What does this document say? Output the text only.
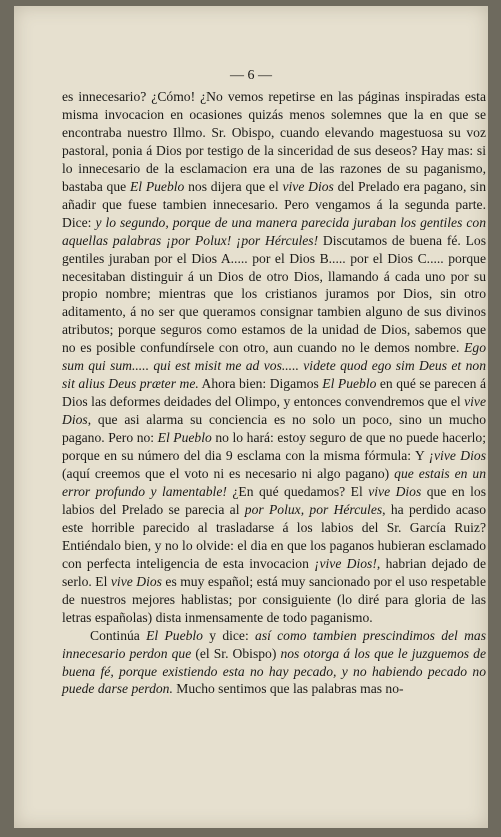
— 6 —

es innecesario? ¿Cómo! ¿No vemos repetirse en las páginas inspiradas esta misma invocacion en ocasiones quizás menos solemnes que la en que se encontraba nuestro Illmo. Sr. Obispo, cuando elevando magestuosa su voz pastoral, ponia á Dios por testigo de la sinceridad de sus deseos? Hay mas: si lo innecesario de la esclamacion era una de las razones de su paganismo, bastaba que El Pueblo nos dijera que el vive Dios del Prelado era pagano, sin añadir que fuese tambien innecesario. Pero vengamos á la segunda parte. Dice: y lo segundo, porque de una manera parecida juraban los gentiles con aquellas palabras ¡por Polux! ¡por Hércules! Discutamos de buena fé. Los gentiles juraban por el Dios A..... por el Dios B..... por el Dios C..... porque necesitaban distinguir á un Dios de otro Dios, llamando á cada uno por su propio nombre; mientras que los cristianos juramos por Dios, sin otro aditamento, á no ser que queramos consignar tambien alguno de sus divinos atributos; porque seguros como estamos de la unidad de Dios, sabemos que no es posible confundírsele con otro, aun cuando no le demos nombre. Ego sum qui sum..... qui est misit me ad vos..... videte quod ego sim Deus et non sit alius Deus præter me. Ahora bien: Digamos El Pueblo en qué se parecen á Dios las deformes deidades del Olimpo, y entonces convendremos que el vive Dios, que asi alarma su conciencia es no solo un poco, sino un mucho pagano. Pero no: El Pueblo no lo hará: estoy seguro de que no puede hacerlo; porque en su número del dia 9 esclama con la misma fórmula: Y ¡vive Dios (aquí creemos que el voto ni es necesario ni algo pagano) que estais en un error profundo y lamentable! ¿En qué quedamos? El vive Dios que en los labios del Prelado se parecia al por Polux, por Hércules, ha perdido acaso este horrible parecido al trasladarse á los labios del Sr. García Ruiz? Entiéndalo bien, y no lo olvide: el dia en que los paganos hubieran esclamado con perfecta inteligencia de esta invocacion ¡vive Dios!, habrian dejado de serlo. El vive Dios es muy español; está muy sancionado por el uso respetable de nuestros mejores hablistas; por consiguiente (lo diré para gloria de las letras españolas) dista inmensamente de todo paganismo.

Continúa El Pueblo y dice: así como tambien prescindimos del mas innecesario perdon que (el Sr. Obispo) nos otorga á los que le juzguemos de buena fé, porque existiendo esta no hay pecado, y no habiendo pecado no puede darse perdon. Mucho sentimos que las palabras mas no-
